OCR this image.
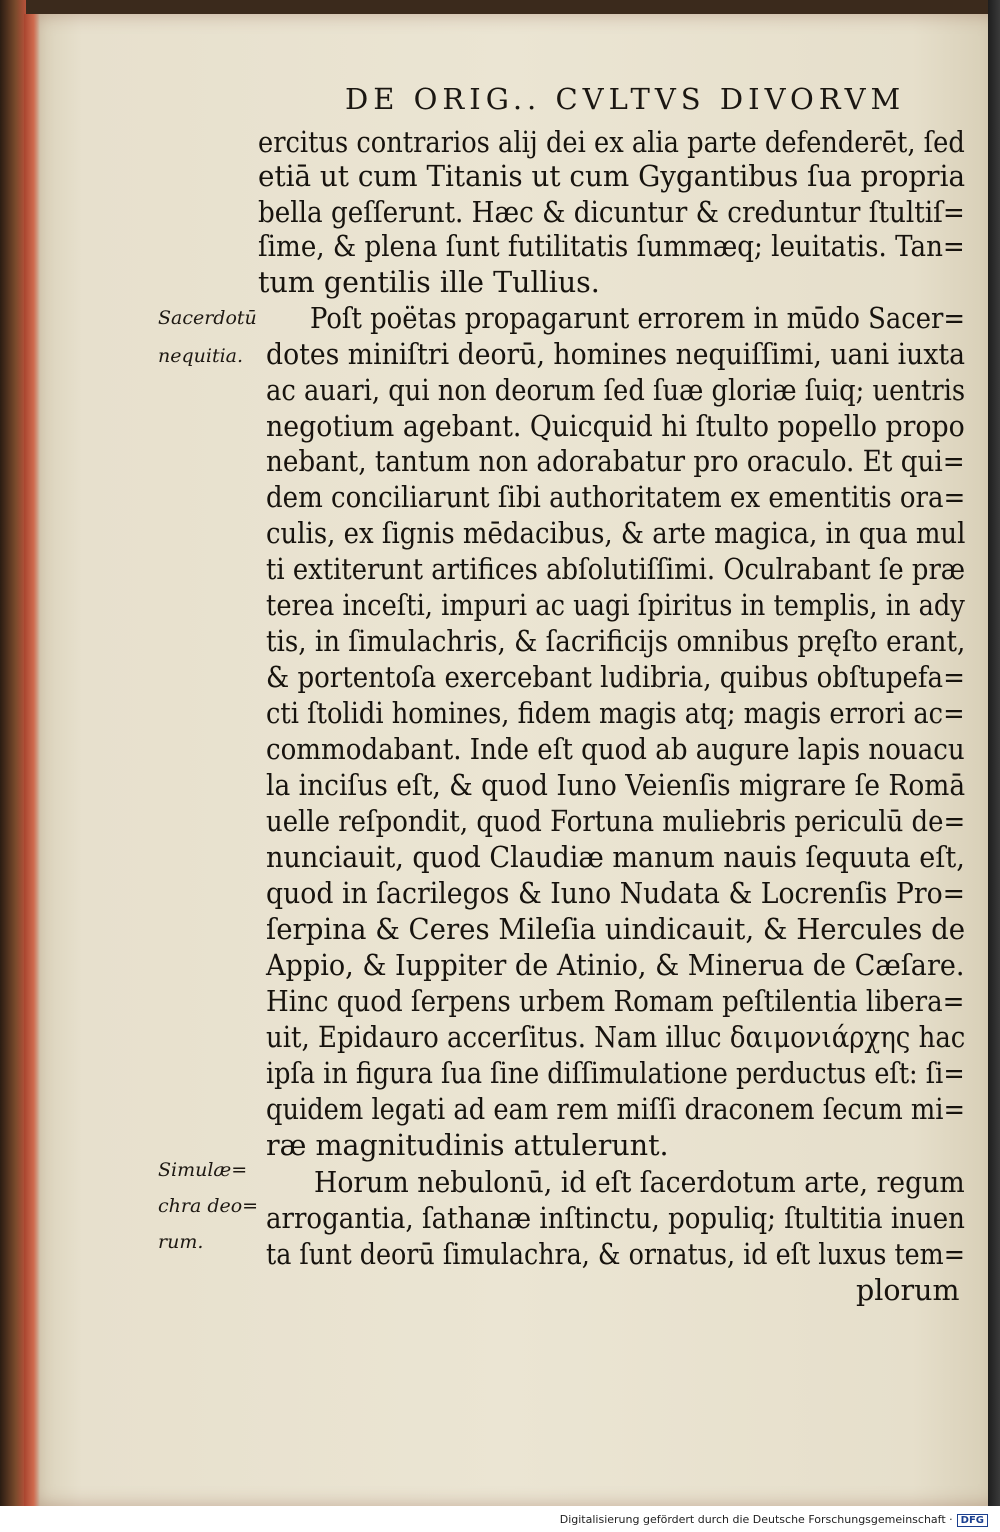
DE ORIG.. CVLTVS DIVORVM
ercitus contrarios alij dei ex alia parte defenderēt, ſed
etiā ut cum Titanis ut cum Gygantibus ſua propria
bella geſſerunt. Hæc & dicuntur & creduntur ſtultiſ=
ſime, & plena ſunt futilitatis ſummæq; leuitatis. Tan=
tum gentilis ille Tullius.
Poſt poëtas propagarunt errorem in mūdo Sacer=
dotes miniſtri deorū, homines nequiſſimi, uani iuxta
ac auari, qui non deorum ſed ſuæ gloriæ ſuiq; uentris
negotium agebant. Quicquid hi ſtulto popello propo
nebant, tantum non adorabatur pro oraculo. Et qui=
dem conciliarunt ſibi authoritatem ex ementitis ora=
culis, ex ſignis mēdacibus, & arte magica, in qua mul
ti extiterunt artifices abſolutiſſimi. Oculrabant ſe præ
terea inceſti, impuri ac uagi ſpiritus in templis, in ady
tis, in ſimulachris, & ſacrificijs omnibus pręſto erant,
& portentoſa exercebant ludibria, quibus obſtupefa=
cti ſtolidi homines, fidem magis atq; magis errori ac=
commodabant. Inde eſt quod ab augure lapis nouacu
la inciſus eſt, & quod Iuno Veienſis migrare ſe Romā
uelle reſpondit, quod Fortuna muliebris periculū de=
nunciauit, quod Claudiæ manum nauis ſequuta eſt,
quod in ſacrilegos & Iuno Nudata & Locrenſis Pro=
ſerpina & Ceres Mileſia uindicauit, & Hercules de
Appio, & Iuppiter de Atinio, & Minerua de Cæſare.
Hinc quod ſerpens urbem Romam peſtilentia libera=
uit, Epidauro accerſitus. Nam illuc δαιμονιάρχης hac
ipſa in figura ſua ſine diſſimulatione perductus eſt: ſi=
quidem legati ad eam rem miſſi draconem ſecum mi=
ræ magnitudinis attulerunt.
Horum nebulonū, id eſt ſacerdotum arte, regum
arrogantia, ſathanæ inſtinctu, populiq; ſtultitia inuen
ta ſunt deorū ſimulachra, & ornatus, id eſt luxus tem=
plorum
Sacerdotū
nequitia.
Simulæ=
chra deo=
rum.
Digitalisierung gefördert durch die Deutsche Forschungsgemeinschaft · DFG
